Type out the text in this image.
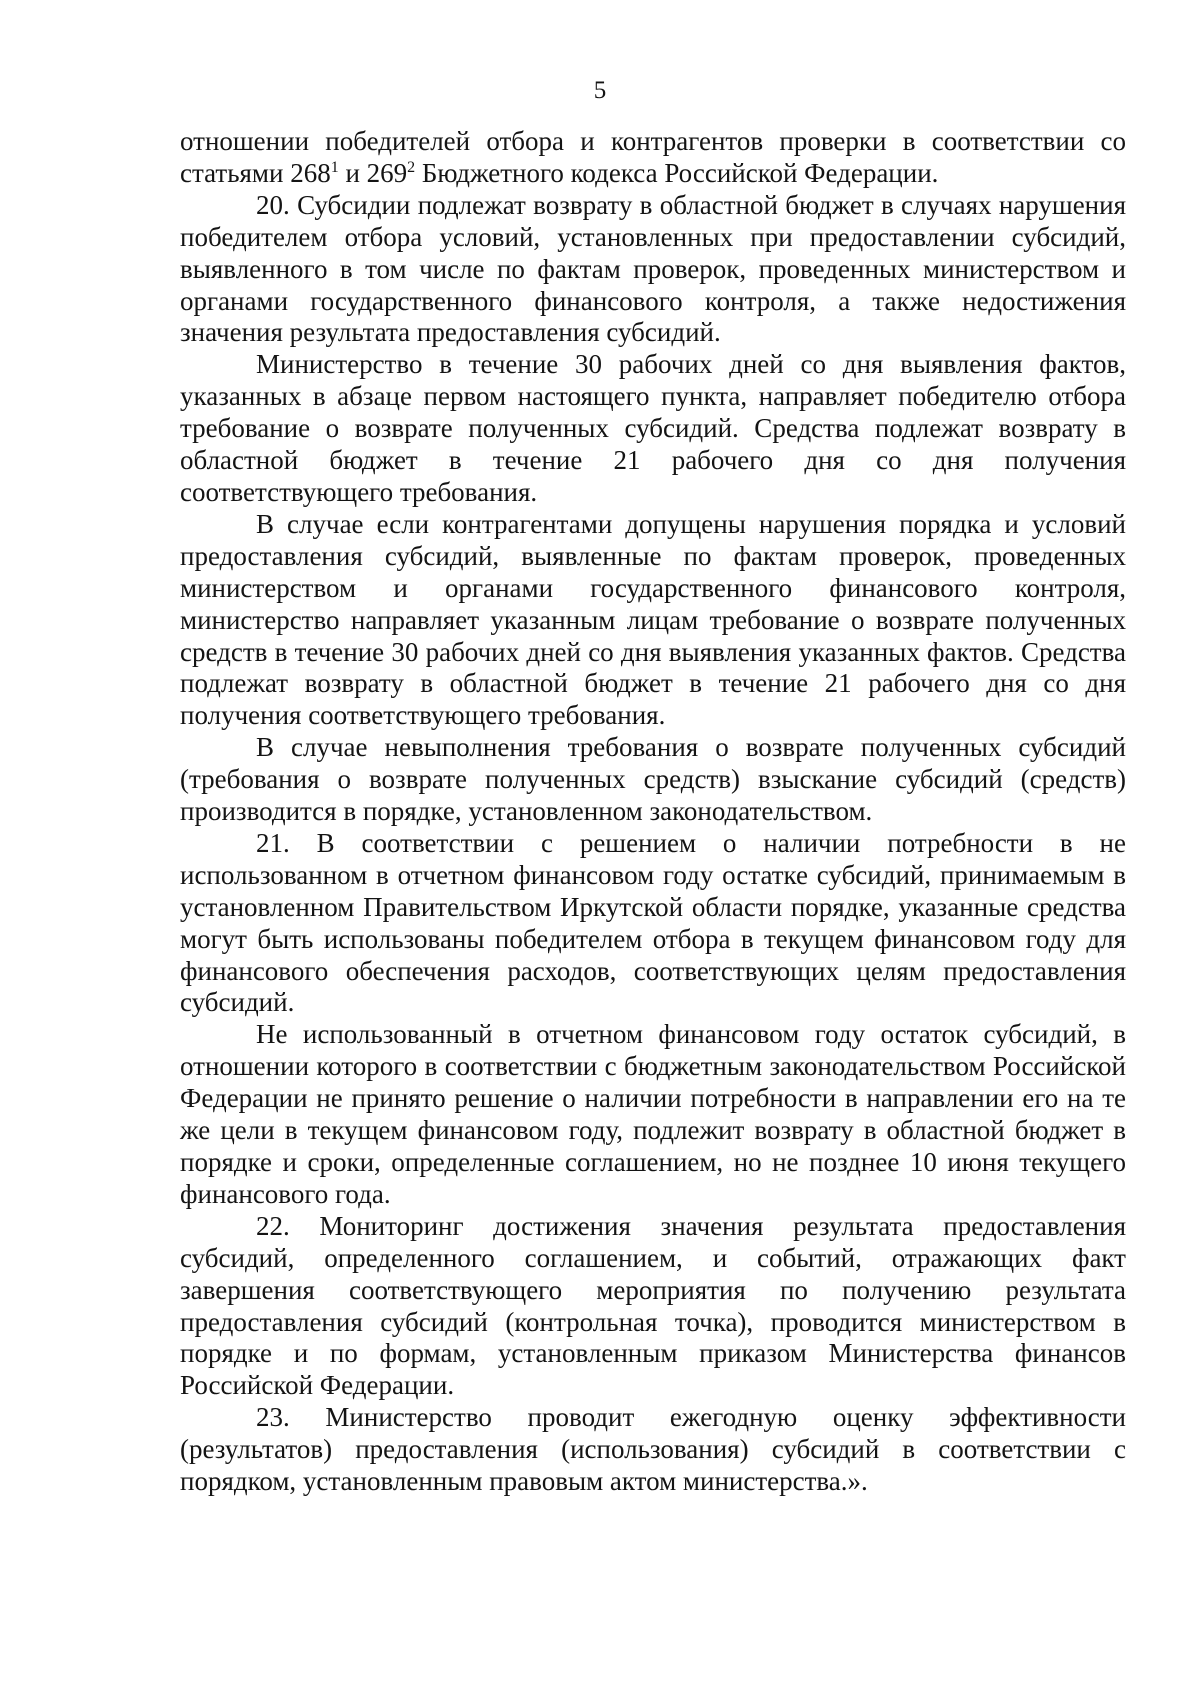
5

отношении победителей отбора и контрагентов проверки в соответствии со статьями $268^1$ и $269^2$ Бюджетного кодекса Российской Федерации.

20. Субсидии подлежат возврату в областной бюджет в случаях нарушения победителем отбора условий, установленных при предоставлении субсидий, выявленного в том числе по фактам проверок, проведенных министерством и органами государственного финансового контроля, а также недостижения значения результата предоставления субсидий.

Министерство в течение 30 рабочих дней со дня выявления фактов, указанных в абзаце первом настоящего пункта, направляет победителю отбора требование о возврате полученных субсидий. Средства подлежат возврату в областной бюджет в течение 21 рабочего дня со дня получения соответствующего требования.

В случае если контрагентами допущены нарушения порядка и условий предоставления субсидий, выявленные по фактам проверок, проведенных министерством и органами государственного финансового контроля, министерство направляет указанным лицам требование о возврате полученных средств в течение 30 рабочих дней со дня выявления указанных фактов. Средства подлежат возврату в областной бюджет в течение 21 рабочего дня со дня получения соответствующего требования.

В случае невыполнения требования о возврате полученных субсидий (требования о возврате полученных средств) взыскание субсидий (средств) производится в порядке, установленном законодательством.

21. В соответствии с решением о наличии потребности в не использованном в отчетном финансовом году остатке субсидий, принимаемым в установленном Правительством Иркутской области порядке, указанные средства могут быть использованы победителем отбора в текущем финансовом году для финансового обеспечения расходов, соответствующих целям предоставления субсидий.

Не использованный в отчетном финансовом году остаток субсидий, в отношении которого в соответствии с бюджетным законодательством Российской Федерации не принято решение о наличии потребности в направлении его на те же цели в текущем финансовом году, подлежит возврату в областной бюджет в порядке и сроки, определенные соглашением, но не позднее 10 июня текущего финансового года.

22. Мониторинг достижения значения результата предоставления субсидий, определенного соглашением, и событий, отражающих факт завершения соответствующего мероприятия по получению результата предоставления субсидий (контрольная точка), проводится министерством в порядке и по формам, установленным приказом Министерства финансов Российской Федерации.

23. Министерство проводит ежегодную оценку эффективности (результатов) предоставления (использования) субсидий в соответствии с порядком, установленным правовым актом министерства.».
